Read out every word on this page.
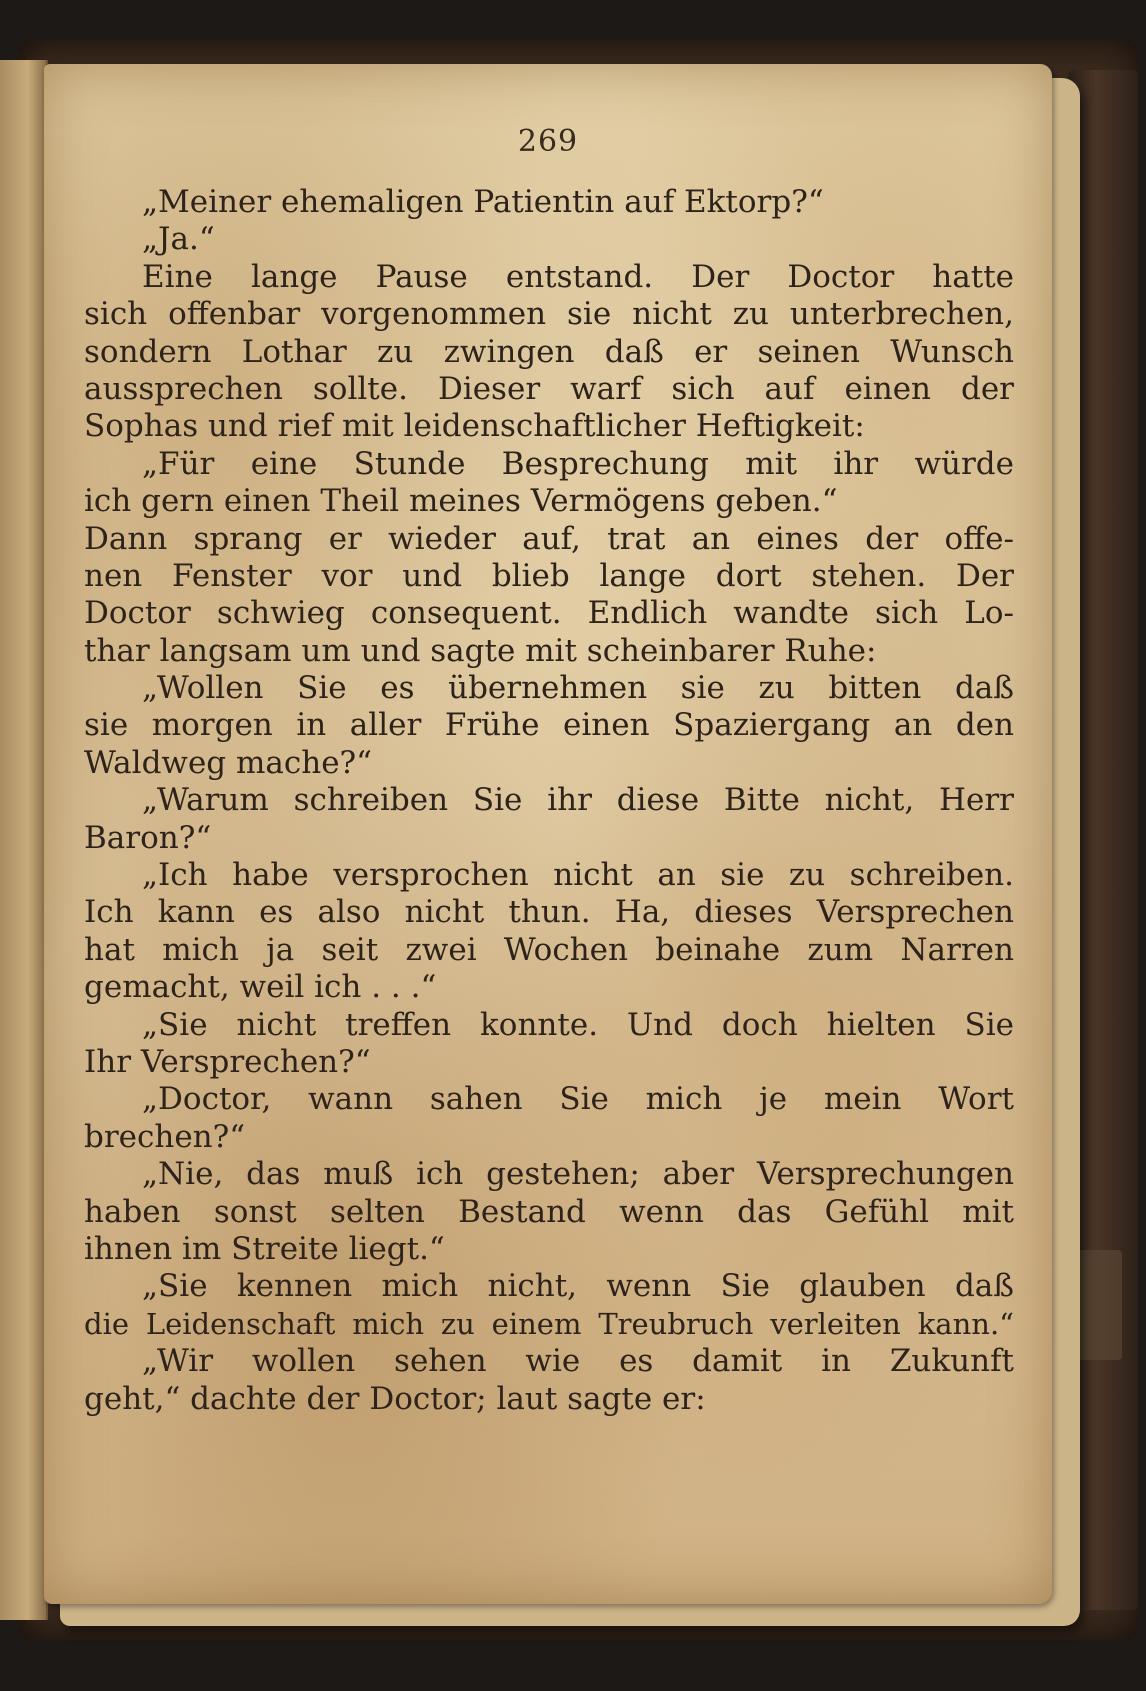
269
„Meiner ehemaligen Patientin auf Ektorp?“
„Ja.“
Eine lange Pause entstand. Der Doctor hatte
sich offenbar vorgenommen sie nicht zu unterbrechen,
sondern Lothar zu zwingen daß er seinen Wunsch
aussprechen sollte. Dieser warf sich auf einen der
Sophas und rief mit leidenschaftlicher Heftigkeit:
„Für eine Stunde Besprechung mit ihr würde
ich gern einen Theil meines Vermögens geben.“
Dann sprang er wieder auf, trat an eines der offe-
nen Fenster vor und blieb lange dort stehen. Der
Doctor schwieg consequent. Endlich wandte sich Lo-
thar langsam um und sagte mit scheinbarer Ruhe:
„Wollen Sie es übernehmen sie zu bitten daß
sie morgen in aller Frühe einen Spaziergang an den
Waldweg mache?“
„Warum schreiben Sie ihr diese Bitte nicht, Herr
Baron?“
„Ich habe versprochen nicht an sie zu schreiben.
Ich kann es also nicht thun. Ha, dieses Versprechen
hat mich ja seit zwei Wochen beinahe zum Narren
gemacht, weil ich . . .“
„Sie nicht treffen konnte. Und doch hielten Sie
Ihr Versprechen?“
„Doctor, wann sahen Sie mich je mein Wort
brechen?“
„Nie, das muß ich gestehen; aber Versprechungen
haben sonst selten Bestand wenn das Gefühl mit
ihnen im Streite liegt.“
„Sie kennen mich nicht, wenn Sie glauben daß
die Leidenschaft mich zu einem Treubruch verleiten kann.“
„Wir wollen sehen wie es damit in Zukunft
geht,“ dachte der Doctor; laut sagte er:
